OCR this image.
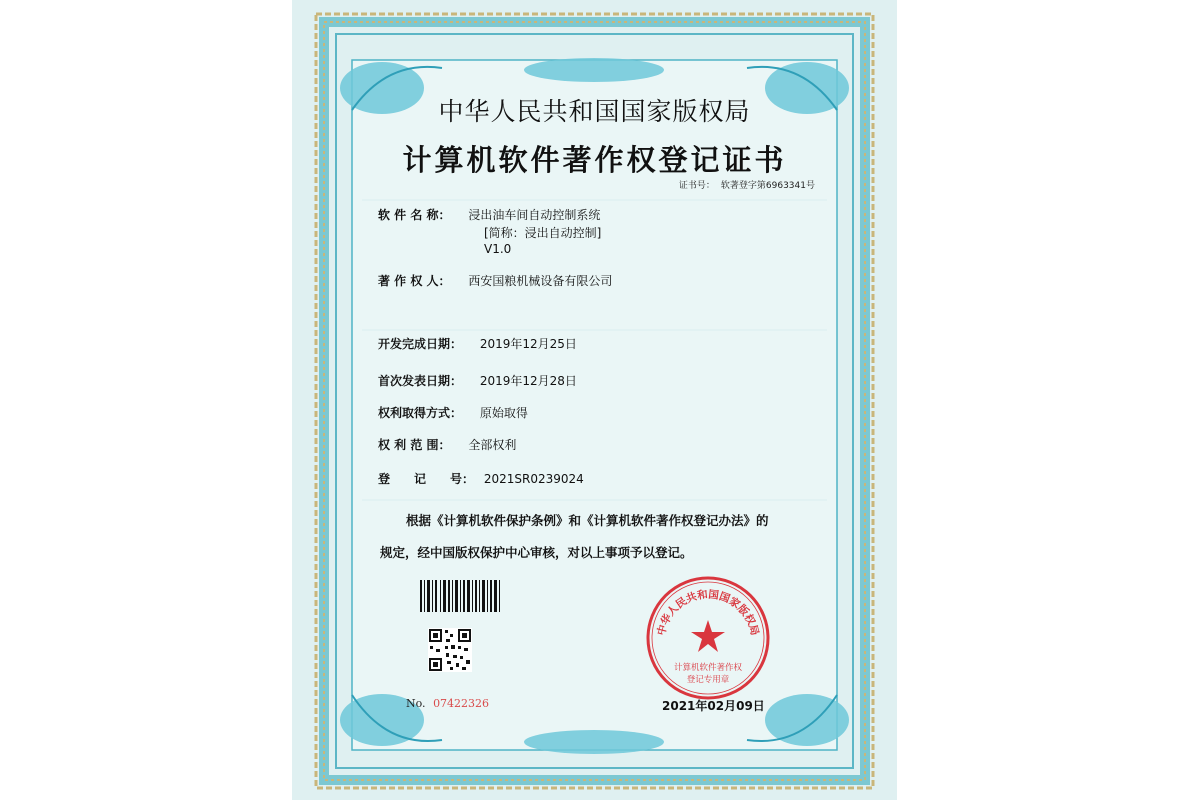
中华人民共和国国家版权局
计算机软件著作权登记证书
证书号： 软著登字第6963341号
软 件 名 称： 浸出油车间自动控制系统
[简称：浸出自动控制]
V1.0
著 作 权 人： 西安国粮机械设备有限公司
开发完成日期： 2019年12月25日
首次发表日期： 2019年12月28日
权利取得方式： 原始取得
权 利 范 围： 全部权利
登　　记　　号： 2021SR0239024
根据《计算机软件保护条例》和《计算机软件著作权登记办法》的
规定，经中国版权保护中心审核，对以上事项予以登记。
中华人民共和国国家版权局
计算机软件著作权
登记专用章
No. 07422326	2021年02月09日
